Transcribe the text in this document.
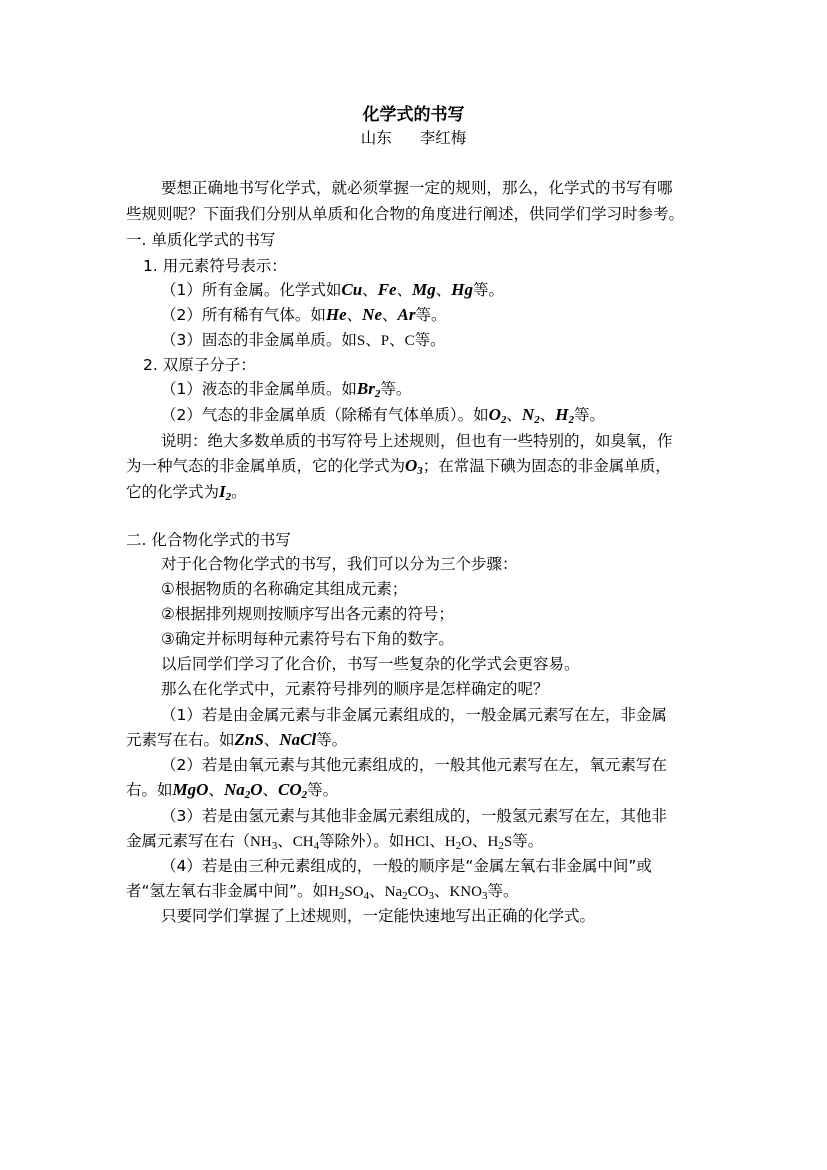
化学式的书写
山东 李红梅
要想正确地书写化学式，就必须掌握一定的规则，那么，化学式的书写有哪
些规则呢？下面我们分别从单质和化合物的角度进行阐述，供同学们学习时参考。
一. 单质化学式的书写
1. 用元素符号表示：
（1）所有金属。化学式如Cu、Fe、Mg、Hg等。
（2）所有稀有气体。如He、Ne、Ar等。
（3）固态的非金属单质。如S、P、C等。
2. 双原子分子：
（1）液态的非金属单质。如$Br_2$等。
（2）气态的非金属单质（除稀有气体单质）。如$O_2$、$N_2$、$H_2$等。
说明：绝大多数单质的书写符号上述规则，但也有一些特别的，如臭氧，作
为一种气态的非金属单质，它的化学式为$O_3$；在常温下碘为固态的非金属单质，
它的化学式为$I_2$。
二. 化合物化学式的书写
对于化合物化学式的书写，我们可以分为三个步骤：
①根据物质的名称确定其组成元素；
②根据排列规则按顺序写出各元素的符号；
③确定并标明每种元素符号右下角的数字。
以后同学们学习了化合价，书写一些复杂的化学式会更容易。
那么在化学式中，元素符号排列的顺序是怎样确定的呢？
（1）若是由金属元素与非金属元素组成的，一般金属元素写在左，非金属
元素写在右。如ZnS、NaCl等。
（2）若是由氧元素与其他元素组成的，一般其他元素写在左，氧元素写在
右。如MgO、$Na_2O$、$CO_2$等。
（3）若是由氢元素与其他非金属元素组成的，一般氢元素写在左，其他非
金属元素写在右（$NH_3$、$CH_4$等除外）。如HCl、$H_2O$、$H_2S$等。
（4）若是由三种元素组成的，一般的顺序是“金属左氧右非金属中间”或
者“氢左氧右非金属中间”。如$H_2SO_4$、$Na_2CO_3$、$KNO_3$等。
只要同学们掌握了上述规则，一定能快速地写出正确的化学式。
